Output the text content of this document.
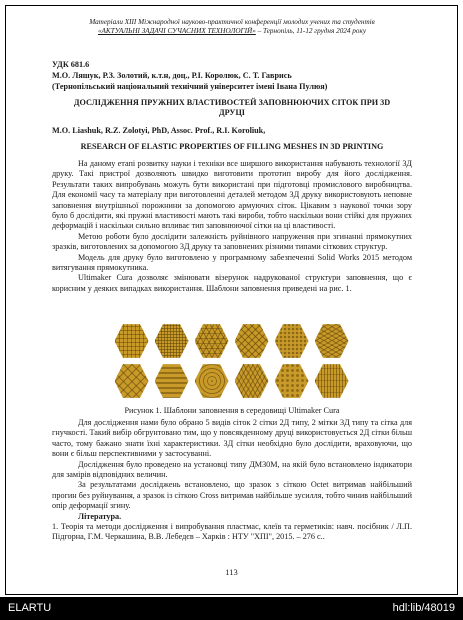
Матеріали XIII Міжнародної науково-практичної конференції молодих учених та студентів
«АКТУАЛЬНІ ЗАДАЧІ СУЧАСНИХ ТЕХНОЛОГІЙ» – Тернопіль, 11-12 грудня 2024 року
УДК 681.6
М.О. Ляшук, Р.З. Золотий, к.т.н, доц., Р.І. Королюк, С. Т. Гаврись
(Тернопільський національний технічний університет імені Івана Пулюя)
ДОСЛІДЖЕННЯ ПРУЖНИХ ВЛАСТИВОСТЕЙ ЗАПОВНЮЮЧИХ СІТОК ПРИ 3D ДРУЦІ
M.O. Liashuk, R.Z. Zolotyi, PhD, Assoc. Prof., R.I. Koroliuk,
RESEARCH OF ELASTIC PROPERTIES OF FILLING MESHES IN 3D PRINTING

На даному етапі розвитку науки і техніки все ширшого використання набувають технології 3Д друку. Такі пристрої дозволяють швидко виготовити прототип виробу для його дослідження. Результати таких випробувань можуть бути використані при підготовці промислового виробництва. Для економії часу та матеріалу при виготовленні деталей методом 3Д друку використовують неповне заповнення внутрішньої порожнини за допомогою армуючих сіток. Цікавим з наукової точки зору було б дослідити, які пружні властивості мають такі вироби, тобто наскільки вони стійкі для пружних деформацій і наскільки сильно впливає тип заповнюючої сітки на ці властивості.

Метою роботи було дослідити залежність руйнівного напруження при згинанні прямокутних зразків, виготовлених за допомогою 3Д друку та заповнених різними типами сіткових структур.

Модель для друку було виготовлено у програмному забезпеченні Solid Works 2015 методом витягування прямокутника.

Ultimaker Cura дозволяє змінювати візерунок надрукованої структури заповнення, що є корисним у деяких випадках використання. Шаблони заповнення приведені на рис. 1.

Рисунок 1. Шаблони заповнення в середовищі Ultimaker Cura

Для дослідження нами було обрано 5 видів сіток 2 сітки 2Д типу, 2 мітки 3Д типу та сітка для гнучкості. Такий вибір обгрунтовано тим, що у повсякденному друці використовується 2Д сітки більш часто, тому бажано знати їхні характеристики. 3Д сітки необхідно було дослідити, враховуючи, що вони є більш перспективними у застосуванні.

Дослідження було проведено на установці типу ДМ30М, на якій було встановлено індикатори для замірів відповідних величин.

За результатами досліджень встановлено, що зразок з сіткою Octet витримав найбільший прогин без руйнування, а зразок із сіткою Cross витримав найбільше зусилля, тобто чинив найбільший опір деформації згину.

Література.

1. Теорія та методи дослідження і випробування пластмас, клеїв та герметиків: навч. посібник / Л.П. Підгорна, Г.М. Черкашина, В.В. Лебедєв – Харків : НТУ "ХПІ", 2015. – 276 с..

113
ELARTU	hdl:lib/48019
